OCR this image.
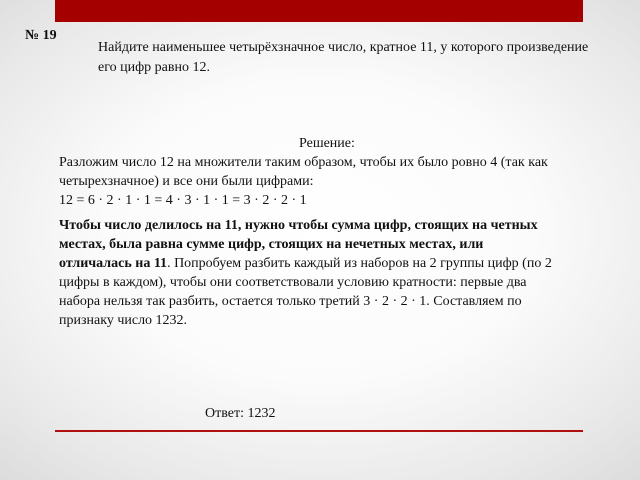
№ 19
Найдите наименьшее четырёхзначное число, кратное 11, у которого произведение его цифр равно 12.
Решение:

Разложим число 12 на множители таким образом, чтобы их было ровно 4 (так как четырехзначное) и все они были цифрами:
12 = 6 · 2 · 1 · 1 = 4 · 3 · 1 · 1 = 3 · 2 · 2 · 1

Чтобы число делилось на 11, нужно чтобы сумма цифр, стоящих на четных местах, была равна сумме цифр, стоящих на нечетных местах, или отличалась на 11. Попробуем разбить каждый из наборов на 2 группы цифр (по 2 цифры в каждом), чтобы они соответствовали условию кратности: первые два набора нельзя так разбить, остается только третий 3 · 2 · 2 · 1. Составляем по признаку число 1232.

Ответ: 1232
